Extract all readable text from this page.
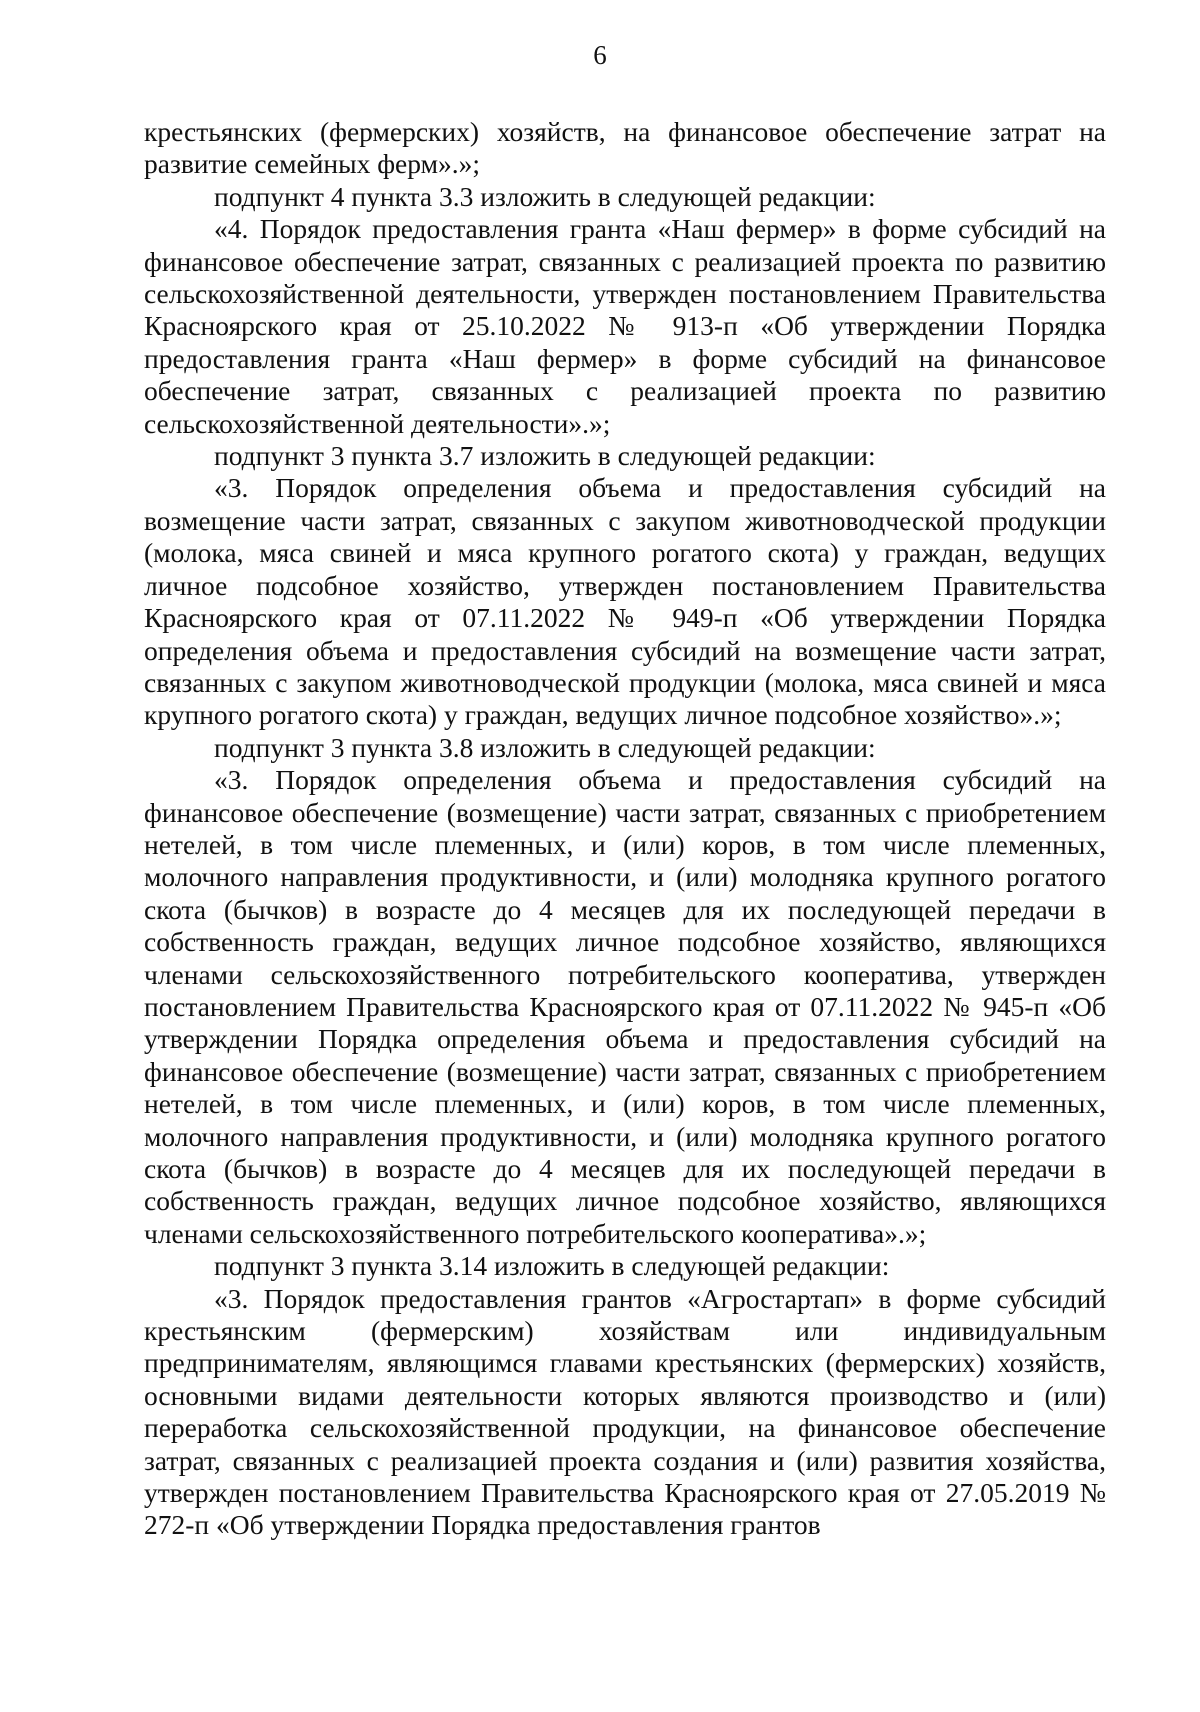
6

крестьянских (фермерских) хозяйств, на финансовое обеспечение затрат на развитие семейных ферм».»;

подпункт 4 пункта 3.3 изложить в следующей редакции:

«4. Порядок предоставления гранта «Наш фермер» в форме субсидий на финансовое обеспечение затрат, связанных с реализацией проекта по развитию сельскохозяйственной деятельности, утвержден постановлением Правительства Красноярского края от 25.10.2022 № 913-п «Об утверждении Порядка предоставления гранта «Наш фермер» в форме субсидий на финансовое обеспечение затрат, связанных с реализацией проекта по развитию сельскохозяйственной деятельности».»;

подпункт 3 пункта 3.7 изложить в следующей редакции:

«3. Порядок определения объема и предоставления субсидий на возмещение части затрат, связанных с закупом животноводческой продукции (молока, мяса свиней и мяса крупного рогатого скота) у граждан, ведущих личное подсобное хозяйство, утвержден постановлением Правительства Красноярского края от 07.11.2022 № 949-п «Об утверждении Порядка определения объема и предоставления субсидий на возмещение части затрат, связанных с закупом животноводческой продукции (молока, мяса свиней и мяса крупного рогатого скота) у граждан, ведущих личное подсобное хозяйство».»;

подпункт 3 пункта 3.8 изложить в следующей редакции:

«3. Порядок определения объема и предоставления субсидий на финансовое обеспечение (возмещение) части затрат, связанных с приобретением нетелей, в том числе племенных, и (или) коров, в том числе племенных, молочного направления продуктивности, и (или) молодняка крупного рогатого скота (бычков) в возрасте до 4 месяцев для их последующей передачи в собственность граждан, ведущих личное подсобное хозяйство, являющихся членами сельскохозяйственного потребительского кооператива, утвержден постановлением Правительства Красноярского края от 07.11.2022 № 945-п «Об утверждении Порядка определения объема и предоставления субсидий на финансовое обеспечение (возмещение) части затрат, связанных с приобретением нетелей, в том числе племенных, и (или) коров, в том числе племенных, молочного направления продуктивности, и (или) молодняка крупного рогатого скота (бычков) в возрасте до 4 месяцев для их последующей передачи в собственность граждан, ведущих личное подсобное хозяйство, являющихся членами сельскохозяйственного потребительского кооператива».»;

подпункт 3 пункта 3.14 изложить в следующей редакции:

«3. Порядок предоставления грантов «Агростартап» в форме субсидий крестьянским (фермерским) хозяйствам или индивидуальным предпринимателям, являющимся главами крестьянских (фермерских) хозяйств, основными видами деятельности которых являются производство и (или) переработка сельскохозяйственной продукции, на финансовое обеспечение затрат, связанных с реализацией проекта создания и (или) развития хозяйства, утвержден постановлением Правительства Красноярского края от 27.05.2019 № 272-п «Об утверждении Порядка предоставления грантов
